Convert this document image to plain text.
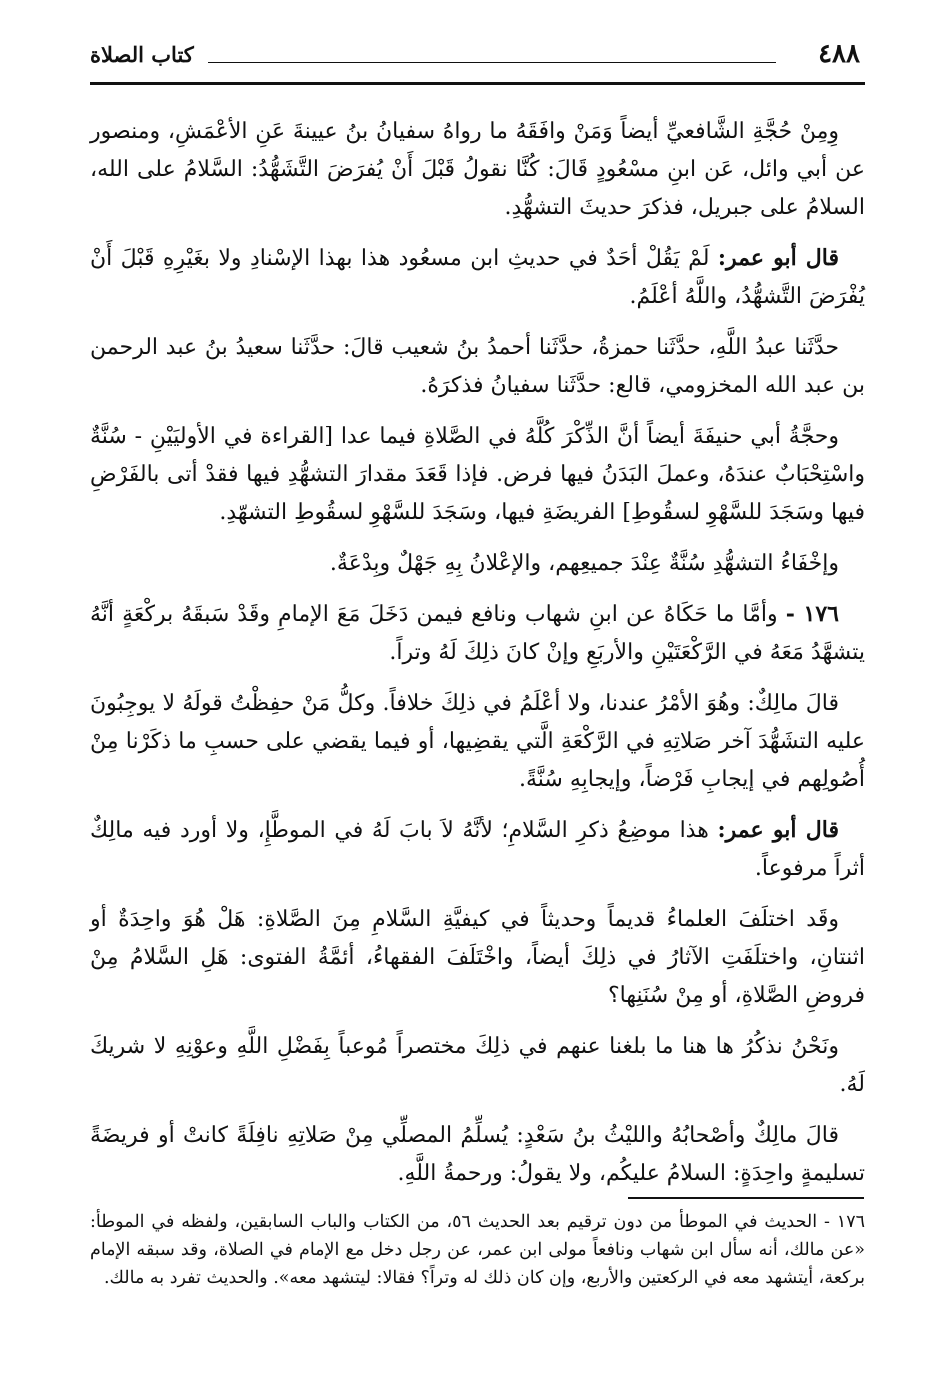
٤٨٨
كتاب الصلاة

وِمِنْ حُجَّةِ الشَّافعيِّ أيضاً وَمَنْ وافَقَهُ ما رواهُ سفيانُ بنُ عيينةَ عَنِ الأعْمَشِ، ومنصور عن أبي وائل، عَن ابنِ مسْعُودٍ قَالَ: كُنَّا نقولُ قَبْلَ أَنْ يُفرَضَ التَّشَهُّدُ: السَّلامُ على الله، السلامُ على جبريل، فذكرَ حديثَ التشهُّدِ.

قال أبو عمر: لَمْ يَقُلْ أحَدٌ في حديثِ ابن مسعُود هذا بهذا الإسْنادِ ولا بغَيْرِهِ قَبْلَ أَنْ يُفْرَضَ التَّشهُّدُ، واللَّهُ أعْلَمُ.

حدَّثَنا عبدُ اللَّهِ، حدَّثَنا حمزةُ، حدَّثَنا أحمدُ بنُ شعيب قالَ: حدَّثَنا سعيدُ بنُ عبد الرحمن بن عبد الله المخزومي، قالع: حدَّثَنا سفيانُ فذكرَهُ.

وحجَّةُ أبي حنيفَةَ أيضاً أنَّ الذِّكْرَ كُلَّهُ في الصَّلاةِ فيما عدا [القراءة في الأوليَيْنِ - سُنَّةٌ واسْتِحْبَابٌ عندَهُ، وعملَ البَدَنُ فيها فرض. فإذا قَعَدَ مقدارَ التشهُّدِ فيها فقدْ أتى بالفَرْضِ فيها وسَجَدَ للسَّهْوِ لسقُوطِ] الفريضَةِ فيها، وسَجَدَ للسَّهْوِ لسقُوطِ التشهّدِ.

وإخْفَاءُ التشهُّدِ سُنَّةٌ عِنْدَ جميعِهم، والإعْلانُ بِهِ جَهْلٌ وبِدْعَةٌ.

١٧٦ - وأمَّا ما حَكَاهُ عن ابنِ شهاب ونافع فيمن دَخَلَ مَعَ الإمامِ وقَدْ سَبقَهُ بركْعَةٍ أنَّهُ يتشهَّدُ مَعَهُ في الرَّكْعَتَيْنِ والأربَعِ وإنْ كانَ ذلِكَ لَهُ وتراً.

قالَ مالِكٌ: وهُوَ الأمْرُ عندنا، ولا أعْلَمُ في ذلِكَ خلافاً. وكلُّ مَنْ حفِظْتُ قولَهُ لا يوجِبُونَ عليه التشَهُّدَ آخر صَلاتِهِ في الرَّكْعَةِ الَّتي يقضِيها، أو فيما يقضي على حسبِ ما ذكَرْنا مِنْ أُصُولِهم في إيجابِ فَرْضاً، وإيجابِهِ سُنَّةً.

قال أبو عمر: هذا موضِعُ ذكرِ السَّلامِ؛ لأنَّهُ لاَ بابَ لَهُ في الموطَّإِ، ولا أورد فيه مالِكٌ أثراً مرفوعاً.

وقَد اختلَفَ العلماءُ قديماً وحديثاً في كيفيَّةِ السَّلامِ مِنَ الصَّلاةِ: هَلْ هُوَ واحِدَةٌ أو اثنتانِ، واختلَفَتِ الآثارُ في ذلِكَ أيضاً، واخْتَلَفَ الفقهاءُ، أئمَّةُ الفتوى: هَلِ السَّلامُ مِنْ فروضِ الصَّلاةِ، أو مِنْ سُنَنِها؟

ونَحْنُ نذكُرُ ها هنا ما بلغنا عنهم في ذلِكَ مختصراً مُوعباً بِفَضْلِ اللَّهِ وعوْنِهِ لا شريكَ لَهُ.

قالَ مالِكٌ وأصْحابُهُ والليْثُ بنُ سَعْدٍ: يُسلِّمُ المصلِّي مِنْ صَلاتِهِ نافِلَةً كانتْ أو فريضَةً تسليمةٍ واحِدَةٍ: السلامُ عليكُم، ولا يقولُ: ورحمةُ اللَّهِ.

١٧٦ - الحديث في الموطأ من دون ترقيم بعد الحديث ٥٦، من الكتاب والباب السابقين، ولفظه في الموطأ: «عن مالك، أنه سأل ابن شهاب ونافعاً مولى ابن عمر، عن رجل دخل مع الإمام في الصلاة، وقد سبقه الإمام بركعة، أيتشهد معه في الركعتين والأربع، وإن كان ذلك له وتراً؟ فقالا: ليتشهد معه». والحديث تفرد به مالك.
